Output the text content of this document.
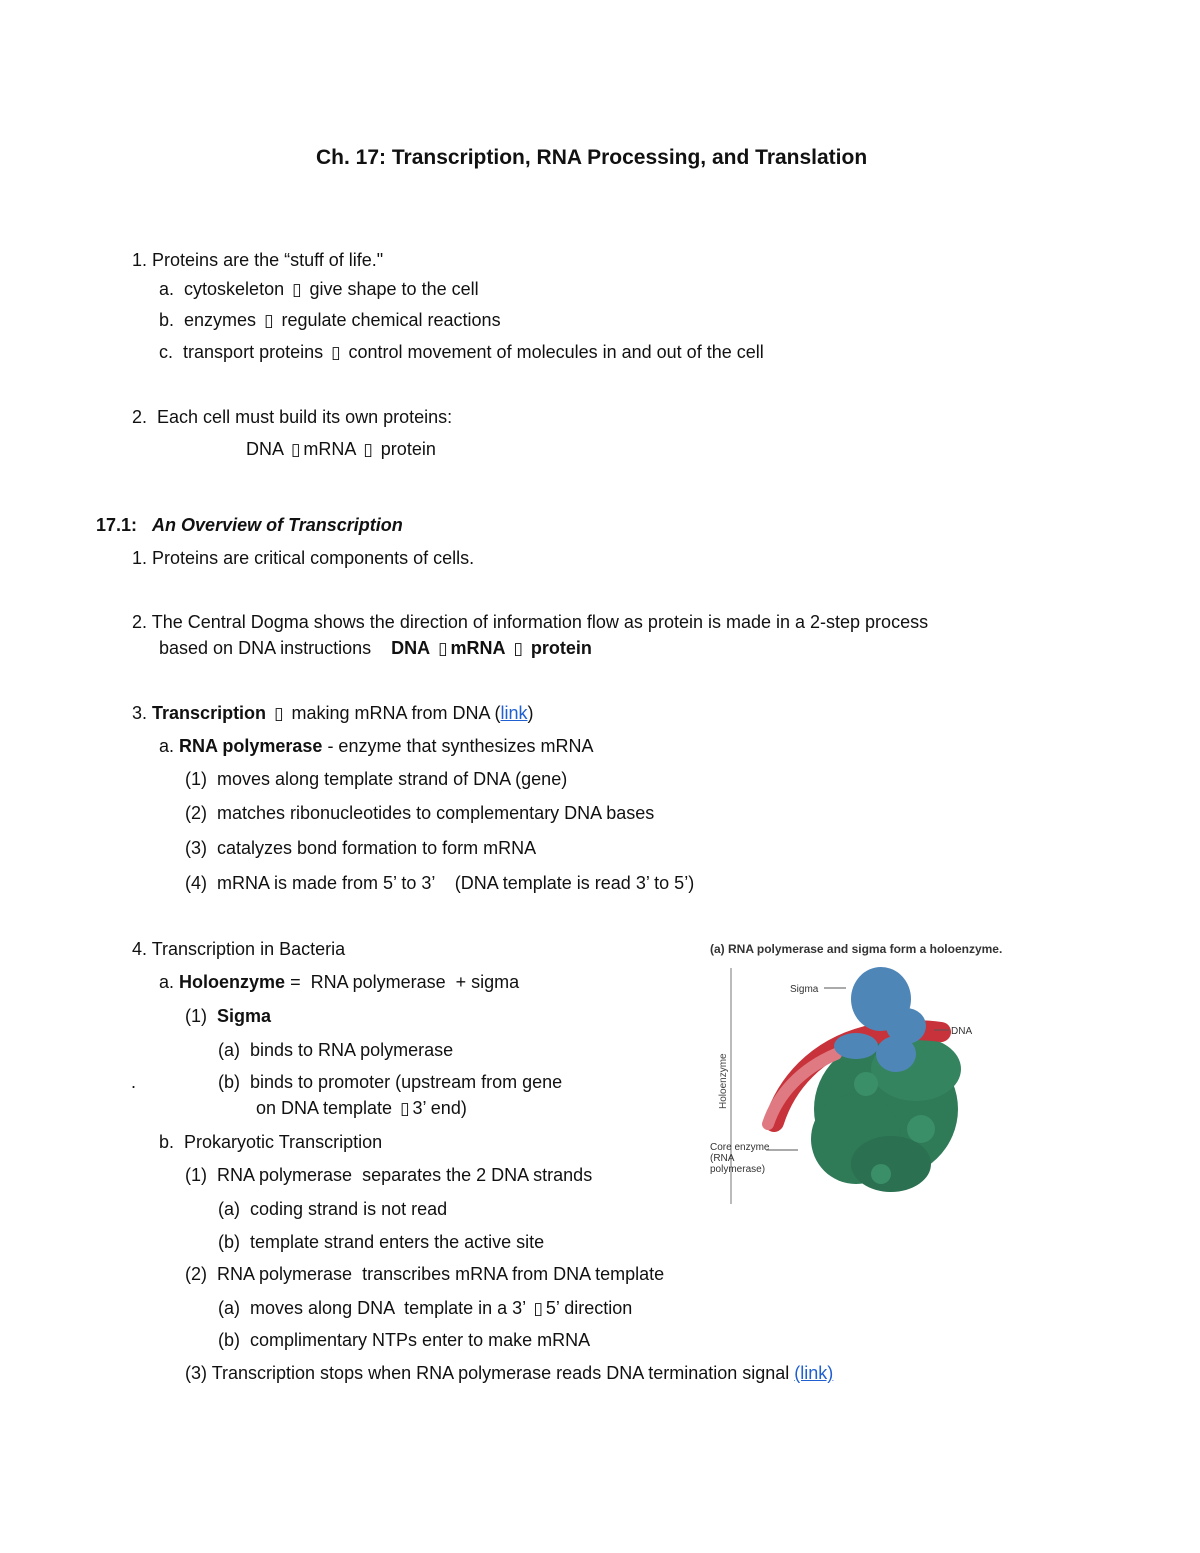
Ch. 17: Transcription, RNA Processing, and Translation
1. Proteins are the “stuff of life."
a. cytoskeleton ▯ give shape to the cell
b. enzymes ▯ regulate chemical reactions
c. transport proteins ▯ control movement of molecules in and out of the cell
2. Each cell must build its own proteins:
DNA ▯ mRNA ▯ protein
17.1: An Overview of Transcription
1. Proteins are critical components of cells.
2. The Central Dogma shows the direction of information flow as protein is made in a 2-step process
based on DNA instructions DNA ▯ mRNA ▯ protein
3. Transcription ▯ making mRNA from DNA (link)
a. RNA polymerase - enzyme that synthesizes mRNA
(1) moves along template strand of DNA (gene)
(2) matches ribonucleotides to complementary DNA bases
(3) catalyzes bond formation to form mRNA
(4) mRNA is made from 5’ to 3’    (DNA template is read 3’ to 5’)
4. Transcription in Bacteria
a. Holoenzyme =  RNA polymerase  + sigma
(1) Sigma
(a) binds to RNA polymerase
.	(b) binds to promoter (upstream from gene
on DNA template ▯ 3’ end)
b. Prokaryotic Transcription
(1) RNA polymerase  separates the 2 DNA strands
(a) coding strand is not read
(b) template strand enters the active site
(2) RNA polymerase  transcribes mRNA from DNA template
(a) moves along DNA  template in a 3’ ▯ 5’ direction
(b) complimentary NTPs enter to make mRNA
(3) Transcription stops when RNA polymerase reads DNA termination signal (link)
(a) RNA polymerase and sigma form a holoenzyme.
Holoenzyme
Sigma
DNA
Core enzyme
(RNA
polymerase)
